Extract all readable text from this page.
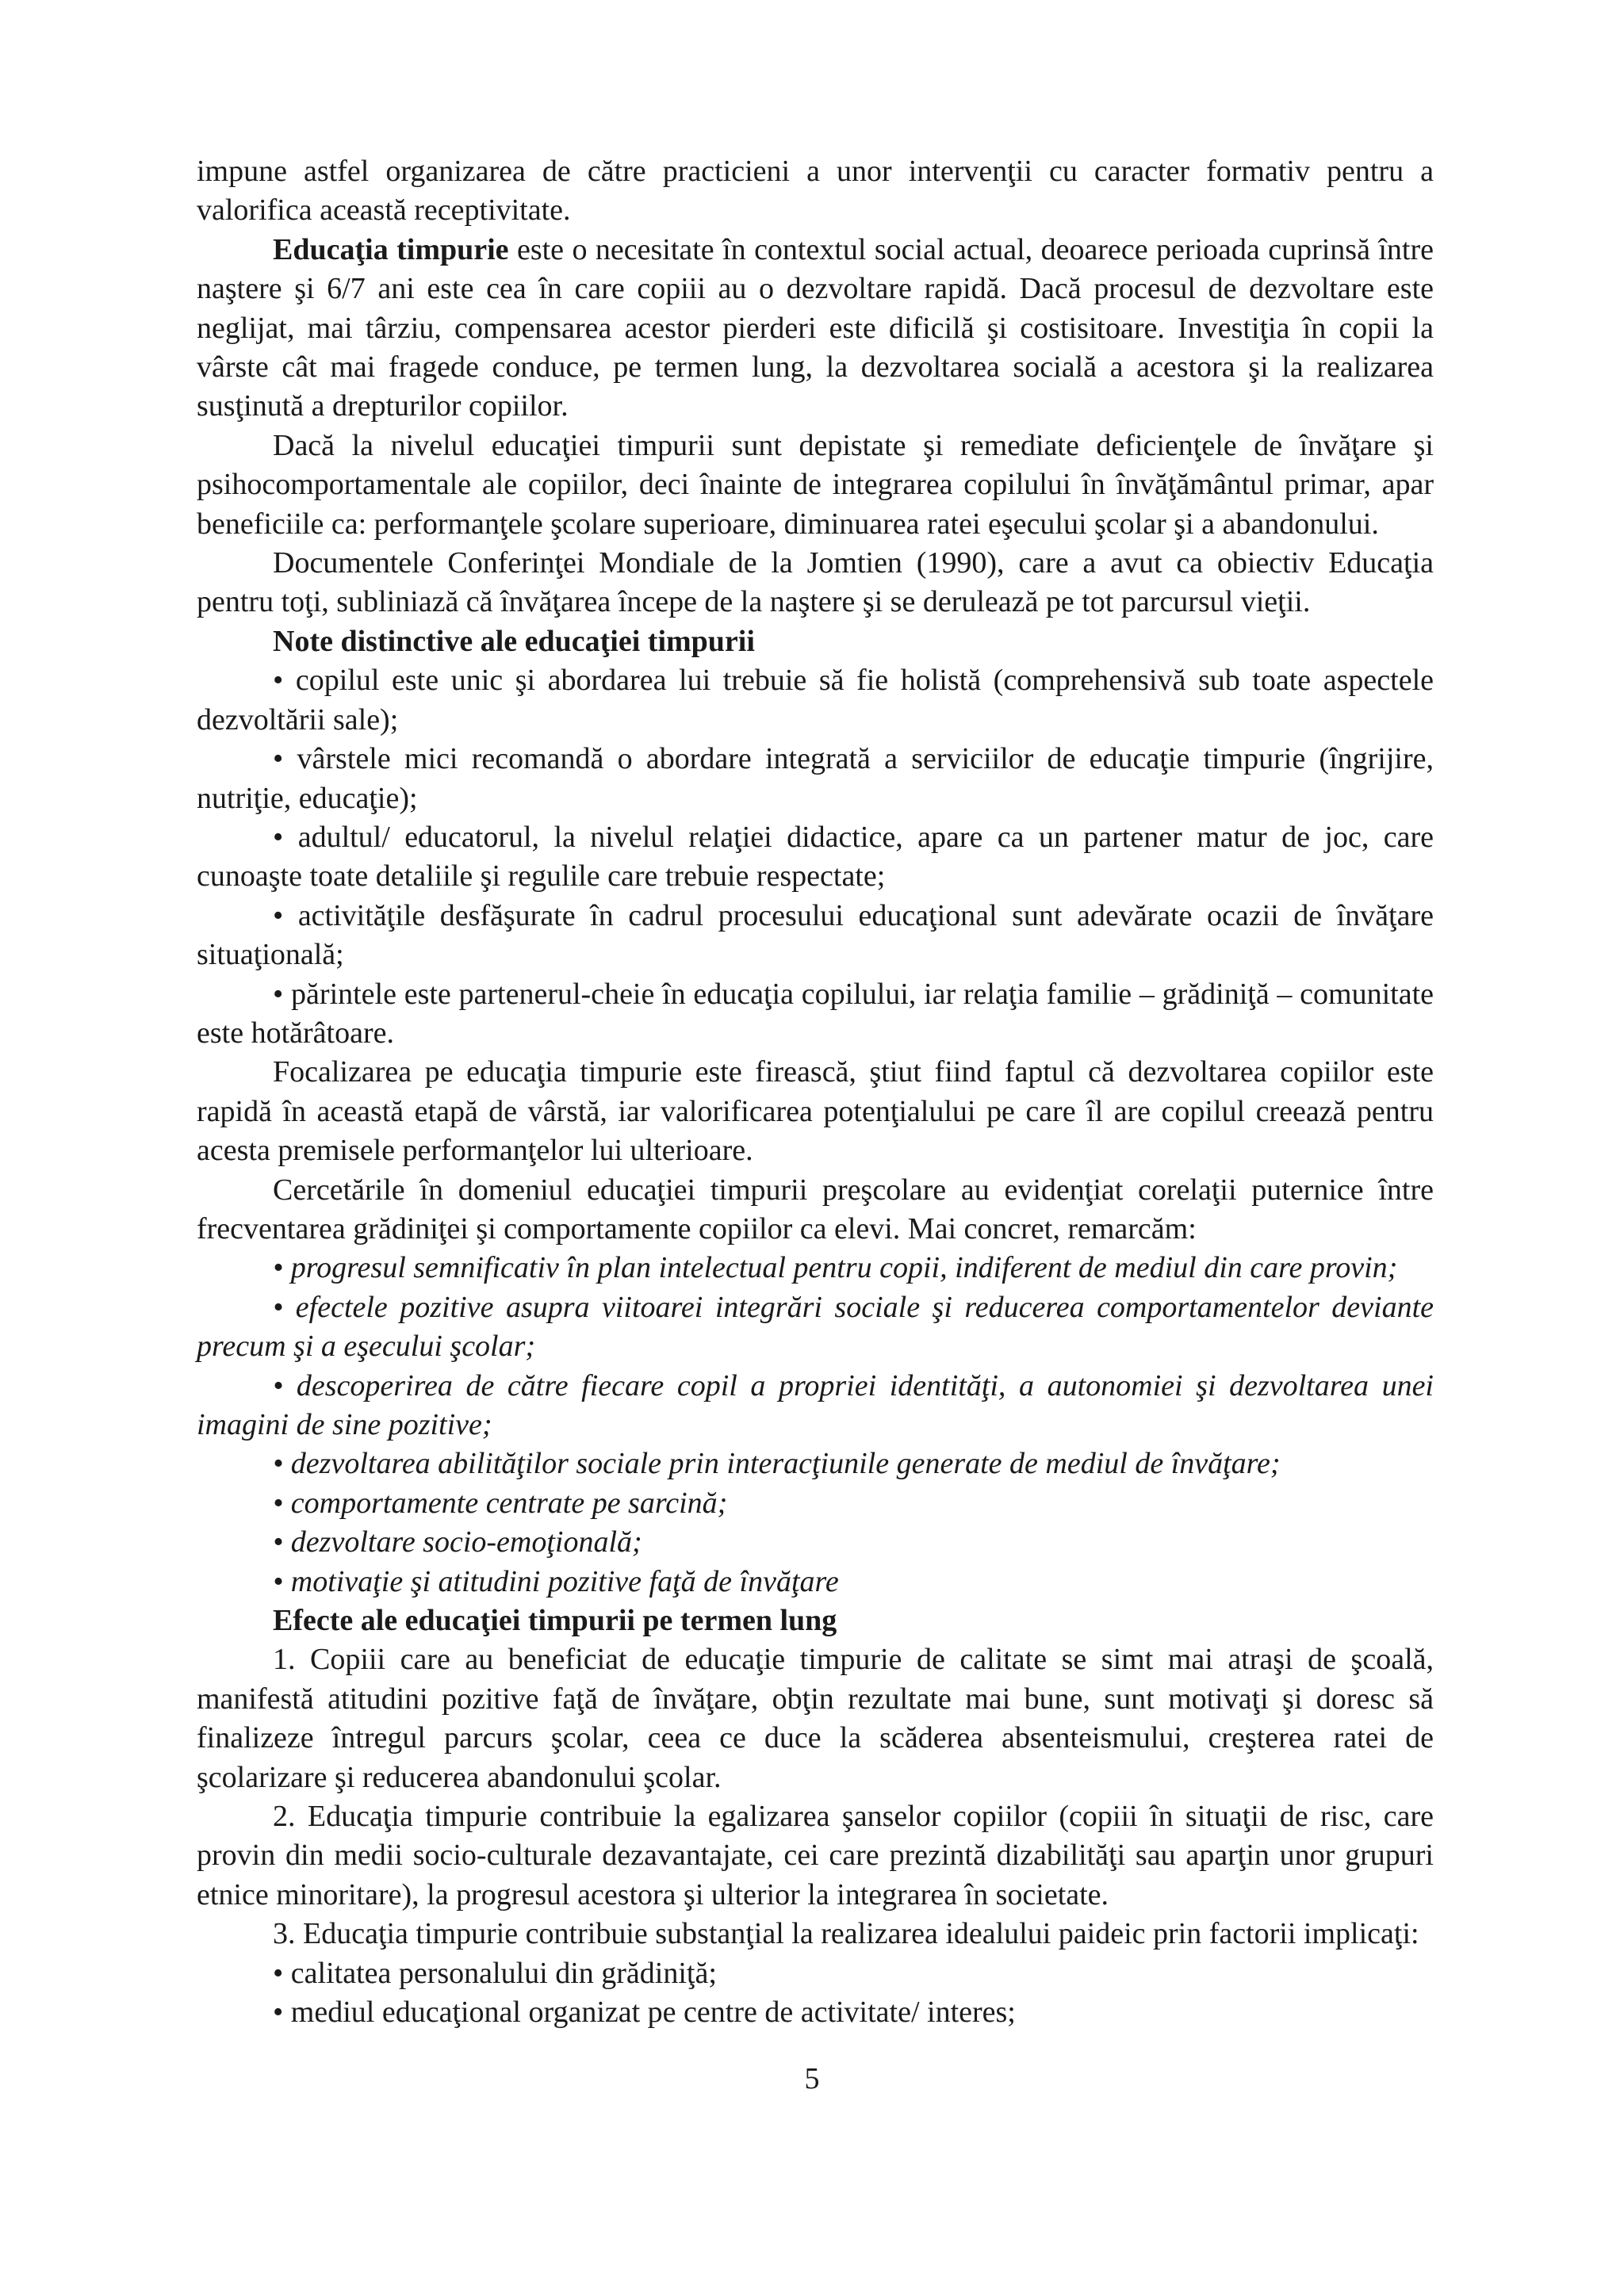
impune astfel organizarea de către practicieni a unor intervenţii cu caracter formativ pentru a valorifica această receptivitate.

Educaţia timpurie este o necesitate în contextul social actual, deoarece perioada cuprinsă între naştere şi 6/7 ani este cea în care copiii au o dezvoltare rapidă. Dacă procesul de dezvoltare este neglijat, mai târziu, compensarea acestor pierderi este dificilă şi costisitoare. Investiţia în copii la vârste cât mai fragede conduce, pe termen lung, la dezvoltarea socială a acestora şi la realizarea susţinută a drepturilor copiilor.

Dacă la nivelul educaţiei timpurii sunt depistate şi remediate deficienţele de învăţare şi psihocomportamentale ale copiilor, deci înainte de integrarea copilului în învăţământul primar, apar beneficiile ca: performanţele şcolare superioare, diminuarea ratei eşecului şcolar şi a abandonului.

Documentele Conferinţei Mondiale de la Jomtien (1990), care a avut ca obiectiv Educaţia pentru toţi, subliniază că învăţarea începe de la naştere şi se derulează pe tot parcursul vieţii.

Note distinctive ale educaţiei timpurii

• copilul este unic şi abordarea lui trebuie să fie holistă (comprehensivă sub toate aspectele dezvoltării sale);

• vârstele mici recomandă o abordare integrată a serviciilor de educaţie timpurie (îngrijire, nutriţie, educaţie);

• adultul/ educatorul, la nivelul relaţiei didactice, apare ca un partener matur de joc, care cunoaşte toate detaliile şi regulile care trebuie respectate;

• activităţile desfăşurate în cadrul procesului educaţional sunt adevărate ocazii de învăţare situaţională;

• părintele este partenerul-cheie în educaţia copilului, iar relaţia familie – grădiniţă – comunitate este hotărâtoare.

Focalizarea pe educaţia timpurie este firească, ştiut fiind faptul că dezvoltarea copiilor este rapidă în această etapă de vârstă, iar valorificarea potenţialului pe care îl are copilul creează pentru acesta premisele performanţelor lui ulterioare.

Cercetările în domeniul educaţiei timpurii preşcolare au evidenţiat corelaţii puternice între frecventarea grădiniţei şi comportamente copiilor ca elevi. Mai concret, remarcăm:

• progresul semnificativ în plan intelectual pentru copii, indiferent de mediul din care provin;

• efectele pozitive asupra viitoarei integrări sociale şi reducerea comportamentelor deviante precum şi a eşecului şcolar;

• descoperirea de către fiecare copil a propriei identităţi, a autonomiei şi dezvoltarea unei imagini de sine pozitive;

• dezvoltarea abilităţilor sociale prin interacţiunile generate de mediul de învăţare;

• comportamente centrate pe sarcină;

• dezvoltare socio-emoţională;

• motivaţie şi atitudini pozitive faţă de învăţare

Efecte ale educaţiei timpurii pe termen lung

1. Copiii care au beneficiat de educaţie timpurie de calitate se simt mai atraşi de şcoală, manifestă atitudini pozitive faţă de învăţare, obţin rezultate mai bune, sunt motivaţi şi doresc să finalizeze întregul parcurs şcolar, ceea ce duce la scăderea absenteismului, creşterea ratei de şcolarizare şi reducerea abandonului şcolar.

2. Educaţia timpurie contribuie la egalizarea şanselor copiilor (copiii în situaţii de risc, care provin din medii socio-culturale dezavantajate, cei care prezintă dizabilităţi sau aparţin unor grupuri etnice minoritare), la progresul acestora şi ulterior la integrarea în societate.

3. Educaţia timpurie contribuie substanţial la realizarea idealului paideic prin factorii implicaţi:

• calitatea personalului din grădiniţă;

• mediul educaţional organizat pe centre de activitate/ interes;

5
